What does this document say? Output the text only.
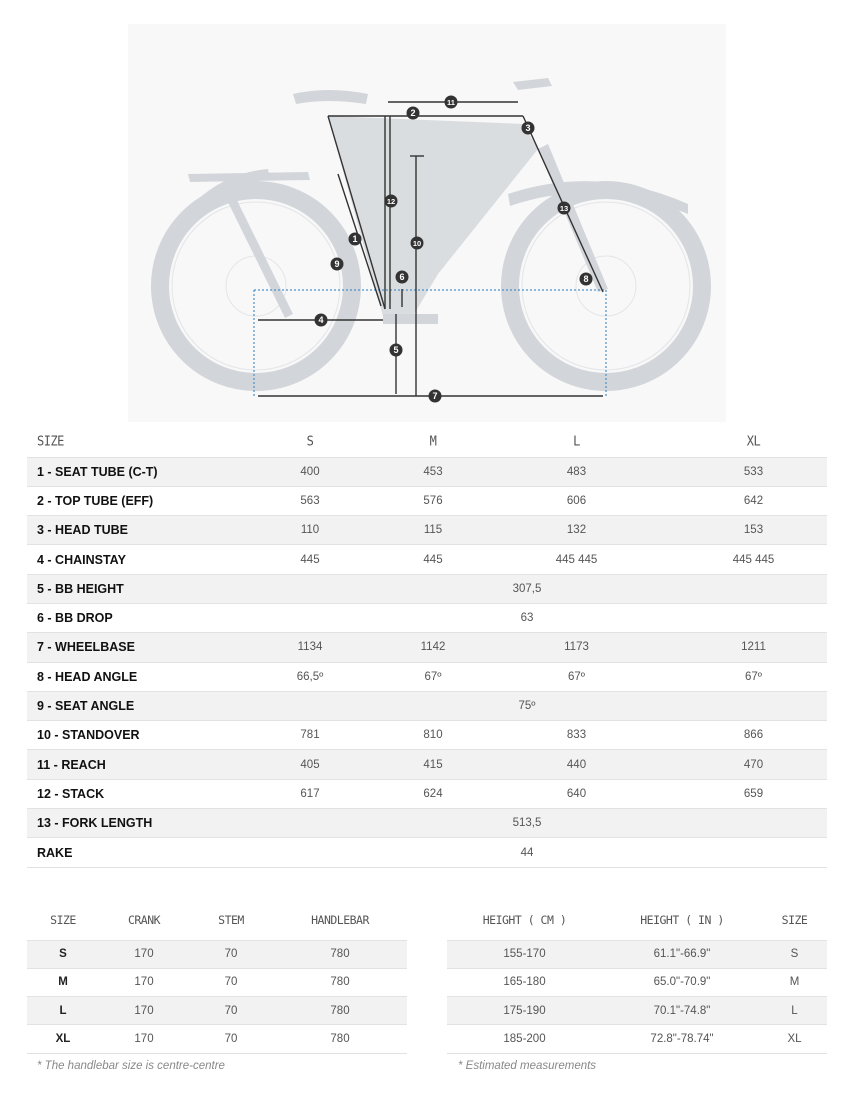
1
2
3
4
5
6
7
8
9
10
11
12
13
SIZE	S	M	L	XL
1 - SEAT TUBE (C-T)	400	453	483	533
2 - TOP TUBE (EFF)	563	576	606	642
3 - HEAD TUBE	110	115	132	153
4 - CHAINSTAY	445	445	445 445	445 445
5 - BB HEIGHT	307,5			
6 - BB DROP	63			
7 - WHEELBASE	1134	1142	1173	1211
8 - HEAD ANGLE	66,5º	67º	67º	67º
9 - SEAT ANGLE	75º			
10 - STANDOVER	781	810	833	866
11 - REACH	405	415	440	470
12 - STACK	617	624	640	659
13 - FORK LENGTH	513,5			
RAKE	44			
SIZE	CRANK	STEM	HANDLEBAR
S	170	70	780
M	170	70	780
L	170	70	780
XL	170	70	780
HEIGHT ( CM )	HEIGHT ( IN )	SIZE
155-170	61.1"-66.9"	S
165-180	65.0"-70.9"	M
175-190	70.1"-74.8"	L
185-200	72.8"-78.74"	XL
* The handlebar size is centre-centre	* Estimated measurements
